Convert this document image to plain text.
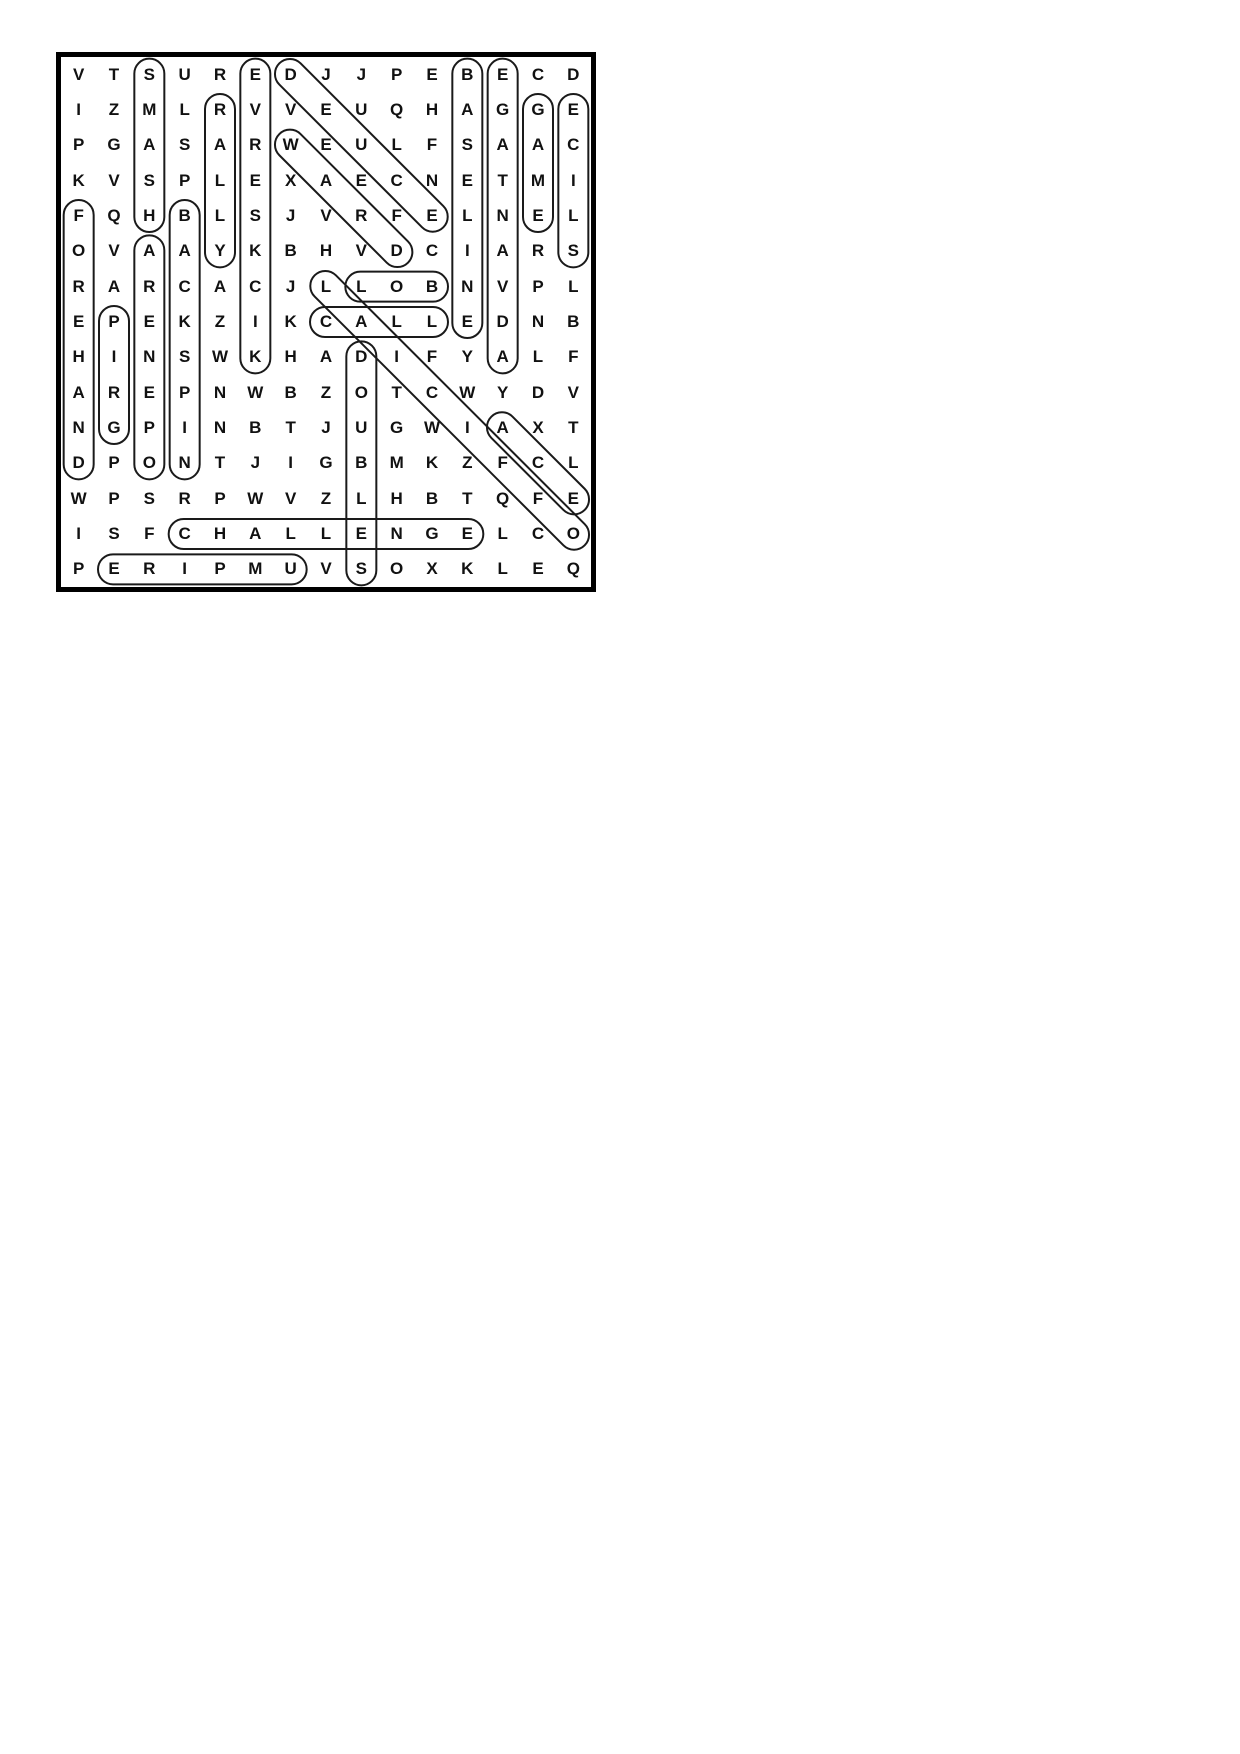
V	T	S	U	R	E	D	J	J	P	E	B	E	C	D
I	Z	M	L	R	V	V	E	U	Q	H	A	G	G	E
P	G	A	S	A	R	W	E	U	L	F	S	A	A	C
K	V	S	P	L	E	X	A	E	C	N	E	T	M	I
F	Q	H	B	L	S	J	V	R	F	E	L	N	E	L
O	V	A	A	Y	K	B	H	V	D	C	I	A	R	S
R	A	R	C	A	C	J	L	L	O	B	N	V	P	L
E	P	E	K	Z	I	K	C	A	L	L	E	D	N	B
H	I	N	S	W	K	H	A	D	I	F	Y	A	L	F
A	R	E	P	N	W	B	Z	O	T	C	W	Y	D	V
N	G	P	I	N	B	T	J	U	G	W	I	A	X	T
D	P	O	N	T	J	I	G	B	M	K	Z	F	C	L
W	P	S	R	P	W	V	Z	L	H	B	T	Q	F	E
I	S	F	C	H	A	L	L	E	N	G	E	L	C	O
P	E	R	I	P	M	U	V	S	O	X	K	L	E	Q
